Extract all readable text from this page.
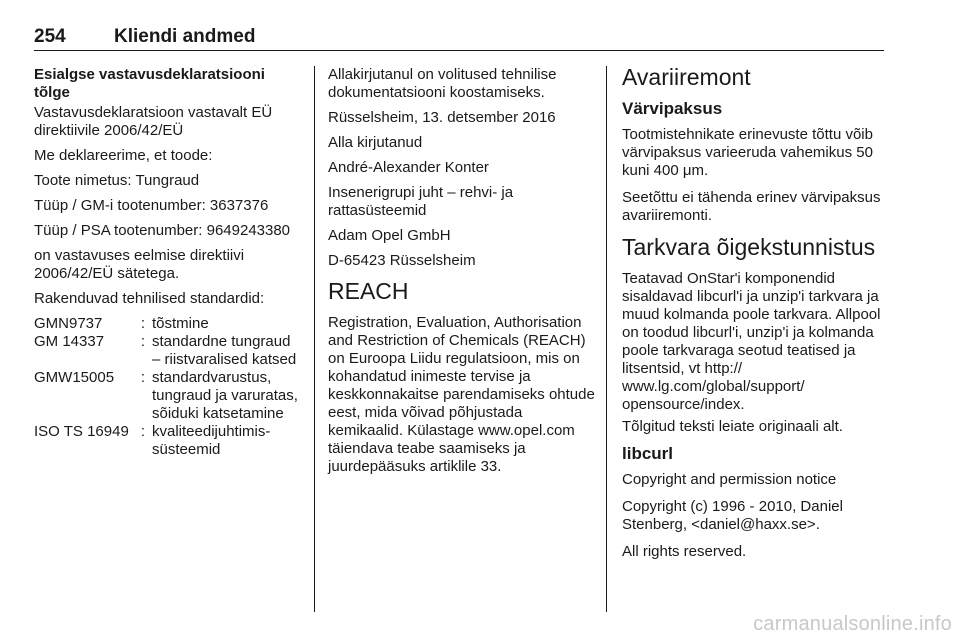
254	Kliendi andmed

Esialgse vastavusdeklaratsiooni tõlge

Vastavusdeklaratsioon vastavalt EÜ direktiivile 2006/42/EÜ

Me deklareerime, et toode:

Toote nimetus: Tungraud

Tüüp / GM-i tootenumber: 3637376

Tüüp / PSA tootenumber: 9649243380

on vastavuses eelmise direktiivi 2006/42/EÜ sätetega.

Rakenduvad tehnilised standardid:

GMN9737	:	tõstmine
GM 14337	:	standardne tungraud – riistvaralised katsed
GMW15005	:	standardvarustus, tungraud ja varuratas, sõiduki katsetamine
ISO TS 16949	:	kvaliteedijuhtimis-süsteemid

Allakirjutanul on volitused tehnilise dokumentatsiooni koostamiseks.

Rüsselsheim, 13. detsember 2016

Alla kirjutanud

André-Alexander Konter

Insenerigrupi juht – rehvi- ja rattasüsteemid

Adam Opel GmbH

D-65423 Rüsselsheim

REACH

Registration, Evaluation, Authorisation and Restriction of Chemicals (REACH) on Euroopa Liidu regulatsioon, mis on kohandatud inimeste tervise ja keskkonnakaitse parendamiseks ohtude eest, mida võivad põhjustada kemikaalid. Külastage www.opel.com täiendava teabe saamiseks ja juurdepääsuks artiklile 33.

Avariiremont
Värvipaksus

Tootmistehnikate erinevuste tõttu võib värvipaksus varieeruda vahemikus 50 kuni 400 μm.

Seetõttu ei tähenda erinev värvipaksus avariiremonti.

Tarkvara õigekstunnistus

Teatavad OnStar'i komponendid sisaldavad libcurl'i ja unzip'i tarkvara ja muud kolmanda poole tarkvara. Allpool on toodud libcurl'i, unzip'i ja kolmanda poole tarkvaraga seotud teatised ja litsentsid, vt http:// www.lg.com/global/support/ opensource/index.

Tõlgitud teksti leiate originaali alt.

libcurl

Copyright and permission notice

Copyright (c) 1996 - 2010, Daniel Stenberg, <daniel@haxx.se>.

All rights reserved.

carmanualsonline.info
